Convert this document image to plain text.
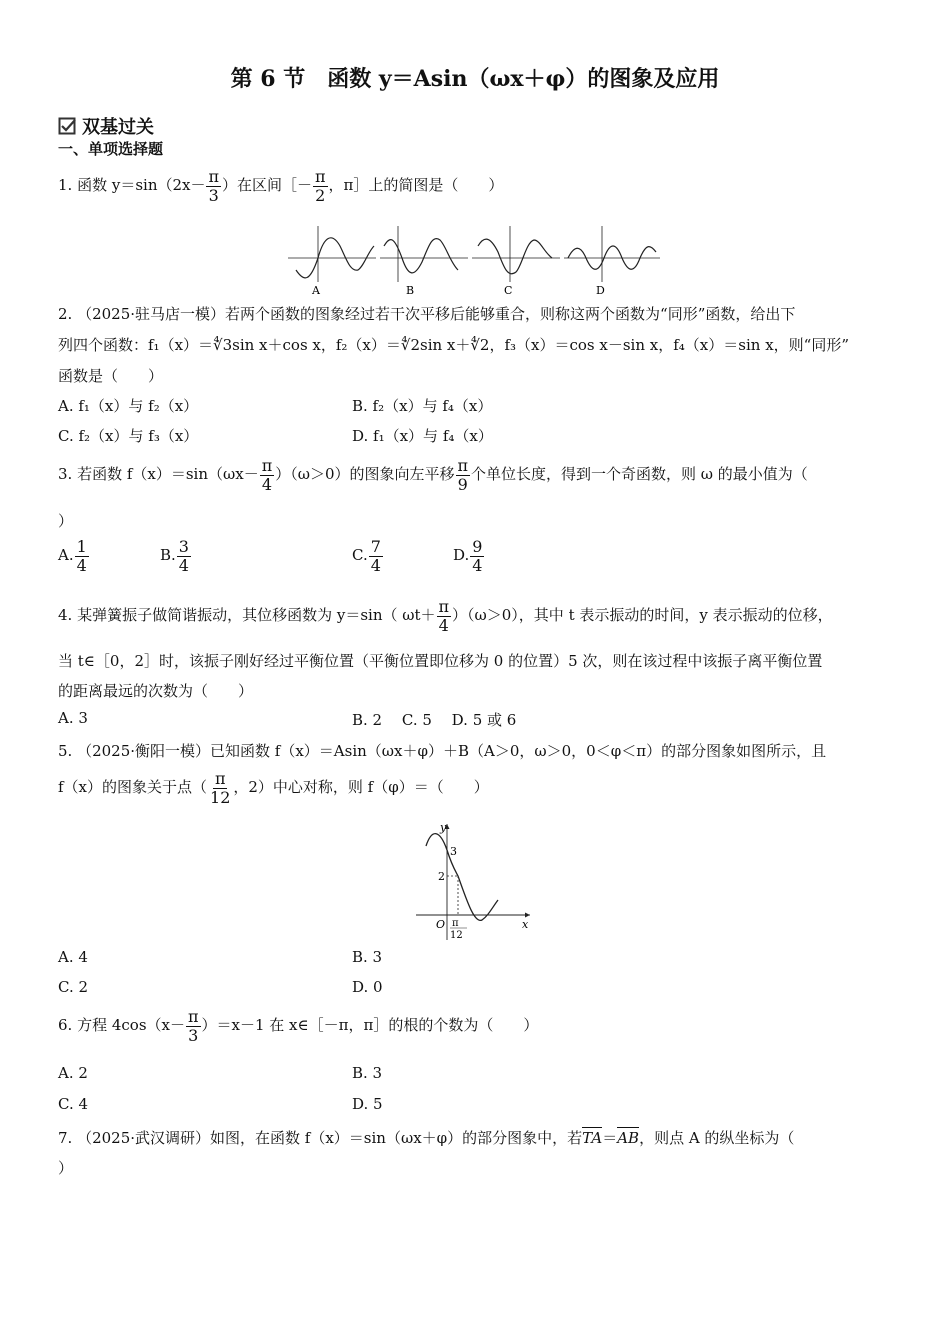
第 6 节　函数 y＝Asin（ωx＋φ）的图象及应用
双基过关
一、单项选择题
1. 函数 $y=\sin(2x- \frac{\pi}{3}$ ）在区间［－ $\frac{\pi}{2}$ ，π］上的简图是（　　）
A	B	C	D
2. （2025·驻马店一模）若两个函数的图象经过若干次平移后能够重合，则称这两个函数为“同形”函数，给出下
列四个函数：f₁（x）＝∜3sin x＋cos x，f₂（x）＝∜2sin x＋∜2，f₃（x）＝cos x－sin x，f₄（x）＝sin x，则“同形”
函数是（　　）
A. f₁（x）与 f₂（x）	B. f₂（x）与 f₄（x）
C. f₂（x）与 f₃（x）	D. f₁（x）与 f₄（x）
3. 若函数 $f(x)=\sin(\omega x- \frac{\pi}{4} )(\omega>0)$的图象向左平移 $\frac{\pi}{9}$ 个单位长度，得到一个奇函数，则 ω 的最小值为（
）
A. $\frac{1}{4}$	B. $\frac{3}{4}$	C. $\frac{7}{4}$	D. $\frac{9}{4}$
4. 某弹簧振子做简谐振动，其位移函数为 y＝sin（ $\omega t+ \frac{\pi}{4} )(\omega>0)$，其中 t 表示振动的时间，y 表示振动的位移，
当 t∈［0，2］时，该振子刚好经过平衡位置（平衡位置即位移为 0 的位置）5 次，则在该过程中该振子离平衡位置
的距离最远的次数为（　　）
A. 3	B. 2　 C. 5　 D. 5 或 6
5. （2025·衡阳一模）已知函数 f（x）＝Asin（ωx＋φ）＋B（A＞0，ω＞0，0＜φ＜π）的部分图象如图所示，且
f（x）的图象关于点（ $\frac{\pi}{12}$ ，2）中心对称，则 f（φ）＝（　　）
y
x
O
3
2
π
12
A. 4	B. 3
C. 2	D. 0
6. 方程 $4\cos(x- \frac{\pi}{3} )=x-1$ 在 x∈［－π，π］的根的个数为（　　）
A. 2	B. 3
C. 4	D. 5
7. （2025·武汉调研）如图，在函数 f（x）＝sin（ωx＋φ）的部分图象中，若
TA＝
AB，则点 A 的纵坐标为（
）
